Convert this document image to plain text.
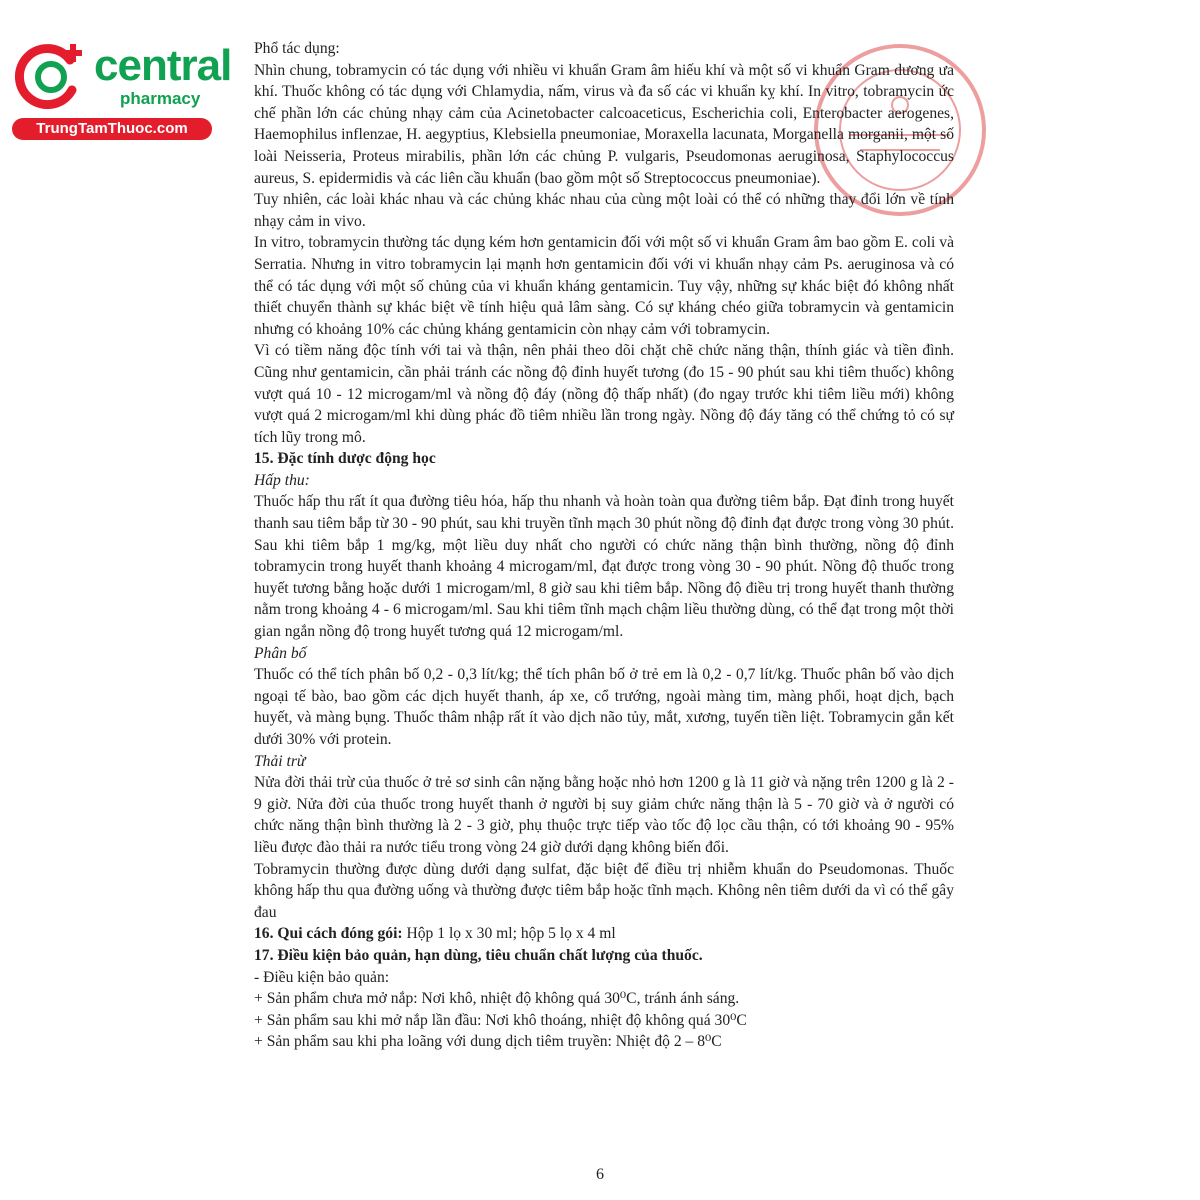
central
pharmacy
TrungTamThuoc.com

Phổ tác dụng:

Nhìn chung, tobramycin có tác dụng với nhiều vi khuẩn Gram âm hiếu khí và một số vi khuẩn Gram dương ưa khí. Thuốc không có tác dụng với Chlamydia, nấm, virus và đa số các vi khuẩn kỵ khí. In vitro, tobramycin ức chế phần lớn các chủng nhạy cảm của Acinetobacter calcoaceticus, Escherichia coli, Enterobacter aerogenes, Haemophilus inflenzae, H. aegyptius, Klebsiella pneumoniae, Moraxella lacunata, Morganella morganii, một số loài Neisseria, Proteus mirabilis, phần lớn các chủng P. vulgaris, Pseudomonas aeruginosa, Staphylococcus aureus, S. epidermidis và các liên cầu khuẩn (bao gồm một số Streptococcus pneumoniae).

Tuy nhiên, các loài khác nhau và các chủng khác nhau của cùng một loài có thể có những thay đổi lớn về tính nhạy cảm in vivo.

In vitro, tobramycin thường tác dụng kém hơn gentamicin đối với một số vi khuẩn Gram âm bao gồm E. coli và Serratia. Nhưng in vitro tobramycin lại mạnh hơn gentamicin đối với vi khuẩn nhạy cảm Ps. aeruginosa và có thể có tác dụng với một số chủng của vi khuẩn kháng gentamicin. Tuy vậy, những sự khác biệt đó không nhất thiết chuyển thành sự khác biệt về tính hiệu quả lâm sàng. Có sự kháng chéo giữa tobramycin và gentamicin nhưng có khoảng 10% các chủng kháng gentamicin còn nhạy cảm với tobramycin.

Vì có tiềm năng độc tính với tai và thận, nên phải theo dõi chặt chẽ chức năng thận, thính giác và tiền đình. Cũng như gentamicin, cần phải tránh các nồng độ đỉnh huyết tương (đo 15 - 90 phút sau khi tiêm thuốc) không vượt quá 10 - 12 microgam/ml và nồng độ đáy (nồng độ thấp nhất) (đo ngay trước khi tiêm liều mới) không vượt quá 2 microgam/ml khi dùng phác đồ tiêm nhiều lần trong ngày. Nồng độ đáy tăng có thể chứng tỏ có sự tích lũy trong mô.

15. Đặc tính dược động học

Hấp thu:

Thuốc hấp thu rất ít qua đường tiêu hóa, hấp thu nhanh và hoàn toàn qua đường tiêm bắp. Đạt đỉnh trong huyết thanh sau tiêm bắp từ 30 - 90 phút, sau khi truyền tĩnh mạch 30 phút nồng độ đỉnh đạt được trong vòng 30 phút. Sau khi tiêm bắp 1 mg/kg, một liều duy nhất cho người có chức năng thận bình thường, nồng độ đỉnh tobramycin trong huyết thanh khoảng 4 microgam/ml, đạt được trong vòng 30 - 90 phút. Nồng độ thuốc trong huyết tương bằng hoặc dưới 1 microgam/ml, 8 giờ sau khi tiêm bắp. Nồng độ điều trị trong huyết thanh thường nằm trong khoảng 4 - 6 microgam/ml. Sau khi tiêm tĩnh mạch chậm liều thường dùng, có thể đạt trong một thời gian ngắn nồng độ trong huyết tương quá 12 microgam/ml.

Phân bố

Thuốc có thể tích phân bố 0,2 - 0,3 lít/kg; thể tích phân bố ở trẻ em là 0,2 - 0,7 lít/kg. Thuốc phân bố vào dịch ngoại tế bào, bao gồm các dịch huyết thanh, áp xe, cổ trướng, ngoài màng tim, màng phổi, hoạt dịch, bạch huyết, và màng bụng. Thuốc thâm nhập rất ít vào dịch não tủy, mắt, xương, tuyến tiền liệt. Tobramycin gắn kết dưới 30% với protein.

Thải trừ

Nửa đời thải trừ của thuốc ở trẻ sơ sinh cân nặng bằng hoặc nhỏ hơn 1200 g là 11 giờ và nặng trên 1200 g là 2 - 9 giờ. Nửa đời của thuốc trong huyết thanh ở người bị suy giảm chức năng thận là 5 - 70 giờ và ở người có chức năng thận bình thường là 2 - 3 giờ, phụ thuộc trực tiếp vào tốc độ lọc cầu thận, có tới khoảng 90 - 95% liều được đào thải ra nước tiểu trong vòng 24 giờ dưới dạng không biến đổi.

Tobramycin thường được dùng dưới dạng sulfat, đặc biệt để điều trị nhiễm khuẩn do Pseudomonas. Thuốc không hấp thu qua đường uống và thường được tiêm bắp hoặc tĩnh mạch. Không nên tiêm dưới da vì có thể gây đau

16. Qui cách đóng gói: Hộp 1 lọ x 30 ml; hộp 5 lọ x 4 ml

17. Điều kiện bảo quản, hạn dùng, tiêu chuẩn chất lượng của thuốc.

- Điều kiện bảo quản:

+ Sản phẩm chưa mở nắp: Nơi khô, nhiệt độ không quá 30⁰C, tránh ánh sáng.

+ Sản phẩm sau khi mở nắp lần đầu: Nơi khô thoáng, nhiệt độ không quá 30⁰C

+ Sản phẩm sau khi pha loãng với dung dịch tiêm truyền: Nhiệt độ 2 – 8⁰C

6
